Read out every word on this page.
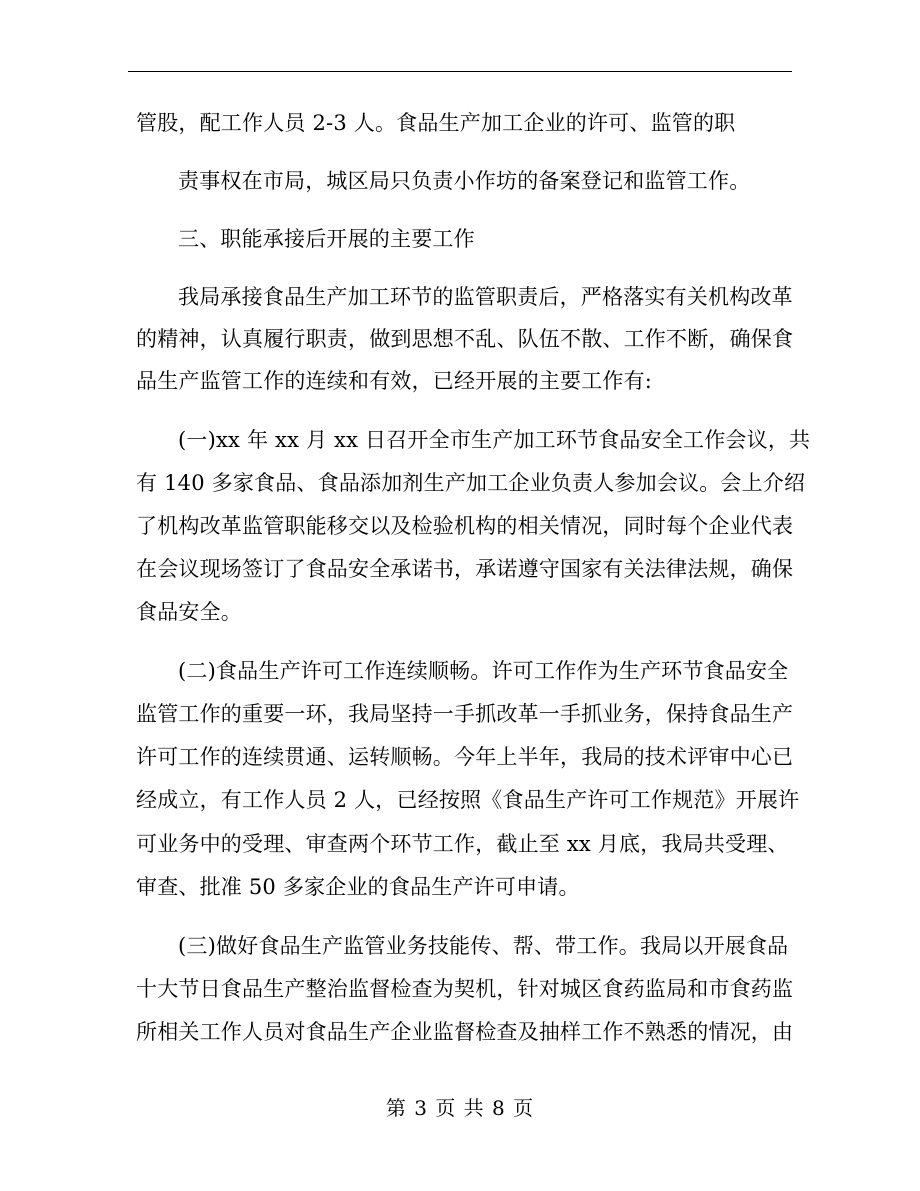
管股，配工作人员 2-3 人。食品生产加工企业的许可、监管的职
责事权在市局，城区局只负责小作坊的备案登记和监管工作。
三、职能承接后开展的主要工作
我局承接食品生产加工环节的监管职责后，严格落实有关机构改革
的精神，认真履行职责，做到思想不乱、队伍不散、工作不断，确保食
品生产监管工作的连续和有效，已经开展的主要工作有:
(一)xx 年 xx 月 xx 日召开全市生产加工环节食品安全工作会议，共
有 140 多家食品、食品添加剂生产加工企业负责人参加会议。会上介绍
了机构改革监管职能移交以及检验机构的相关情况，同时每个企业代表
在会议现场签订了食品安全承诺书，承诺遵守国家有关法律法规，确保
食品安全。
(二)食品生产许可工作连续顺畅。许可工作作为生产环节食品安全
监管工作的重要一环，我局坚持一手抓改革一手抓业务，保持食品生产
许可工作的连续贯通、运转顺畅。今年上半年，我局的技术评审中心已
经成立，有工作人员 2 人，已经按照《食品生产许可工作规范》开展许
可业务中的受理、审查两个环节工作，截止至 xx 月底，我局共受理、
审查、批准 50 多家企业的食品生产许可申请。
(三)做好食品生产监管业务技能传、帮、带工作。我局以开展食品
十大节日食品生产整治监督检查为契机，针对城区食药监局和市食药监
所相关工作人员对食品生产企业监督检查及抽样工作不熟悉的情况，由
第 3 页 共 8 页
